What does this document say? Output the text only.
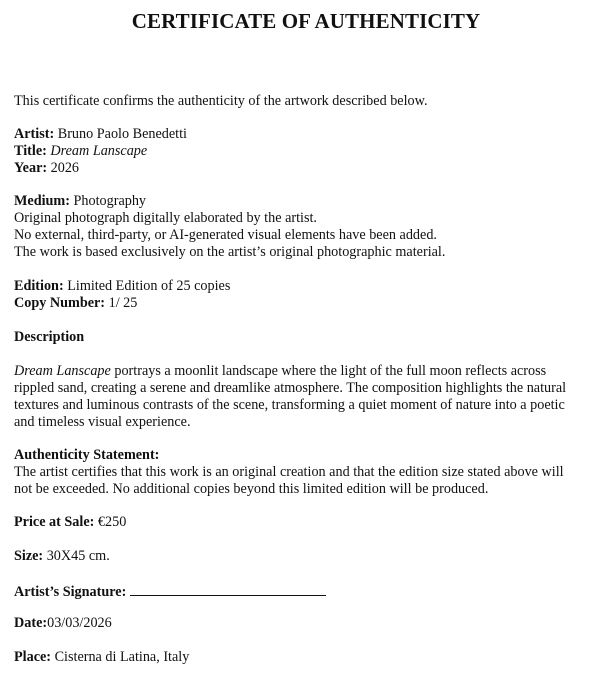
CERTIFICATE OF AUTHENTICITY

This certificate confirms the authenticity of the artwork described below.

Artist: Bruno Paolo Benedetti

Title: Dream Lanscape

Year: 2026

Medium: Photography

Original photograph digitally elaborated by the artist.

No external, third-party, or AI-generated visual elements have been added.

The work is based exclusively on the artist’s original photographic material.

Edition: Limited Edition of 25 copies

Copy Number: 1/ 25

Description

Dream Lanscape portrays a moonlit landscape where the light of the full moon reflects across

rippled sand, creating a serene and dreamlike atmosphere. The composition highlights the natural

textures and luminous contrasts of the scene, transforming a quiet moment of nature into a poetic

and timeless visual experience.

Authenticity Statement:

The artist certifies that this work is an original creation and that the edition size stated above will

not be exceeded. No additional copies beyond this limited edition will be produced.

Price at Sale: €250

Size: 30X45 cm.

Artist’s Signature:

Date:03/03/2026

Place: Cisterna di Latina, Italy
